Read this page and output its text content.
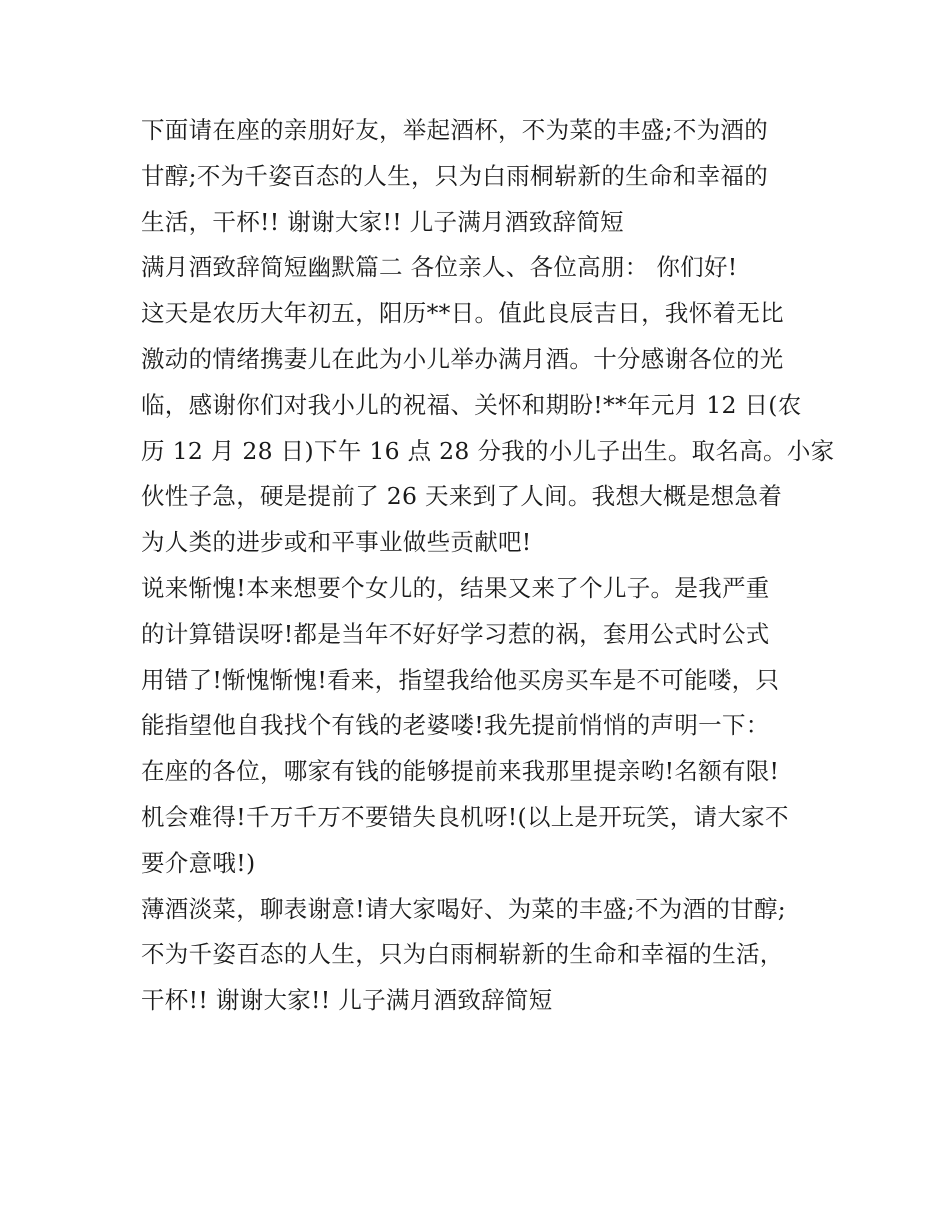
下面请在座的亲朋好友，举起酒杯，不为菜的丰盛;不为酒的
甘醇;不为千姿百态的人生，只为白雨桐崭新的生命和幸福的
生活，干杯!! 谢谢大家!! 儿子满月酒致辞简短
满月酒致辞简短幽默篇二 各位亲人、各位高朋： 你们好!
这天是农历大年初五，阳历**日。值此良辰吉日，我怀着无比
激动的情绪携妻儿在此为小儿举办满月酒。十分感谢各位的光
临，感谢你们对我小儿的祝福、关怀和期盼!**年元月 12 日(农
历 12 月 28 日)下午 16 点 28 分我的小儿子出生。取名高。小家
伙性子急，硬是提前了 26 天来到了人间。我想大概是想急着
为人类的进步或和平事业做些贡献吧!
说来惭愧!本来想要个女儿的，结果又来了个儿子。是我严重
的计算错误呀!都是当年不好好学习惹的祸，套用公式时公式
用错了!惭愧惭愧!看来，指望我给他买房买车是不可能喽，只
能指望他自我找个有钱的老婆喽!我先提前悄悄的声明一下：
在座的各位，哪家有钱的能够提前来我那里提亲哟!名额有限!
机会难得!千万千万不要错失良机呀!(以上是开玩笑，请大家不
要介意哦!)
薄酒淡菜，聊表谢意!请大家喝好、为菜的丰盛;不为酒的甘醇;
不为千姿百态的人生，只为白雨桐崭新的生命和幸福的生活，
干杯!! 谢谢大家!! 儿子满月酒致辞简短
